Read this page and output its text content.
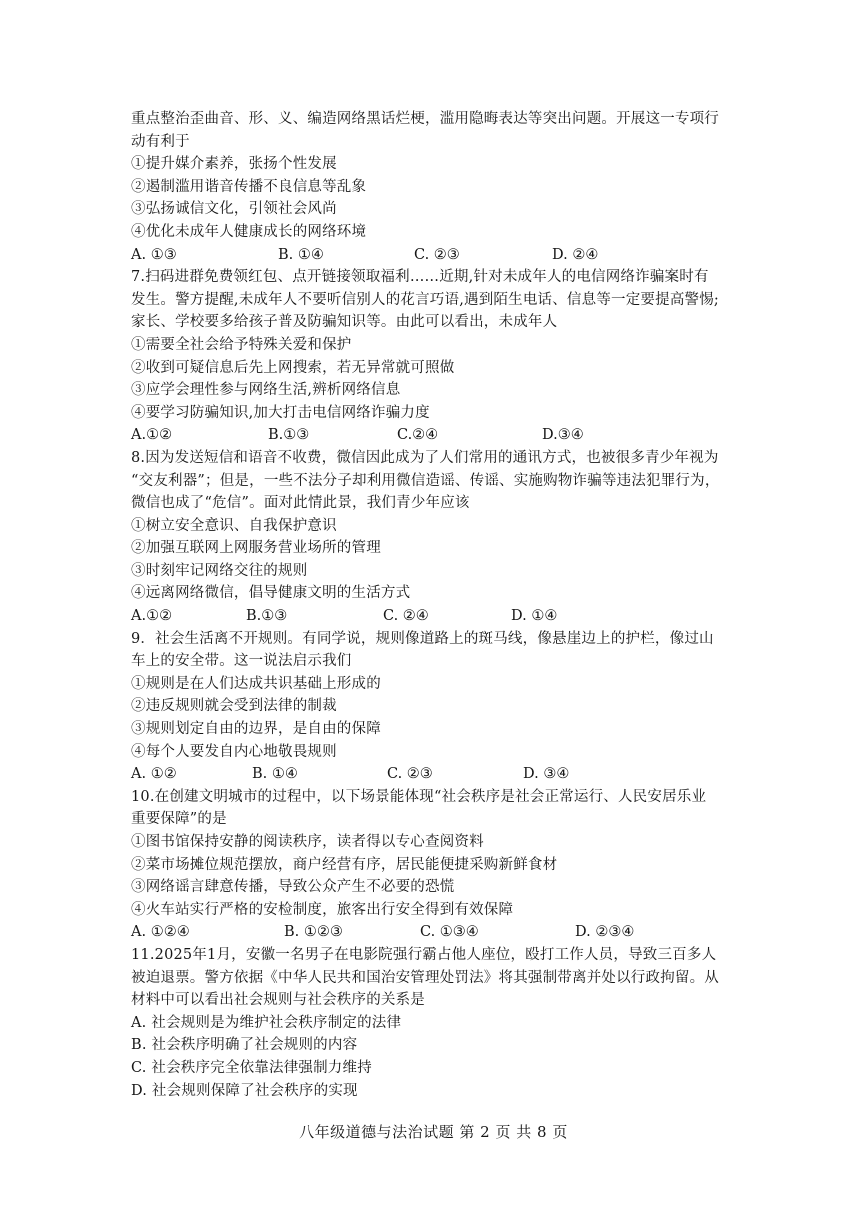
重点整治歪曲音、形、义、编造网络黑话烂梗，滥用隐晦表达等突出问题。开展这一专项行
动有利于
①提升媒介素养，张扬个性发展
②遏制滥用谐音传播不良信息等乱象
③弘扬诚信文化，引领社会风尚
④优化未成年人健康成长的网络环境
A. ①③	B. ①④	C. ②③	D. ②④
7.扫码进群免费领红包、点开链接领取福利……近期,针对未成年人的电信网络诈骗案时有
发生。警方提醒,未成年人不要听信别人的花言巧语,遇到陌生电话、信息等一定要提高警惕;
家长、学校要多给孩子普及防骗知识等。由此可以看出，未成年人
①需要全社会给予特殊关爱和保护
②收到可疑信息后先上网搜索，若无异常就可照做
③应学会理性参与网络生活,辨析网络信息
④要学习防骗知识,加大打击电信网络诈骗力度
A.①②	B.①③	C.②④	D.③④
8.因为发送短信和语音不收费，微信因此成为了人们常用的通讯方式，也被很多青少年视为
“交友利器”；但是，一些不法分子却利用微信造谣、传谣、实施购物诈骗等违法犯罪行为，
微信也成了“危信”。面对此情此景，我们青少年应该
①树立安全意识、自我保护意识
②加强互联网上网服务营业场所的管理
③时刻牢记网络交往的规则
④远离网络微信，倡导健康文明的生活方式
A.①②	B.①③	C. ②④	D. ①④
9．社会生活离不开规则。有同学说，规则像道路上的斑马线，像悬崖边上的护栏，像过山
车上的安全带。这一说法启示我们
①规则是在人们达成共识基础上形成的
②违反规则就会受到法律的制裁
③规则划定自由的边界，是自由的保障
④每个人要发自内心地敬畏规则
A. ①②	B. ①④	C. ②③	D. ③④
10.在创建文明城市的过程中，以下场景能体现“社会秩序是社会正常运行、人民安居乐业
重要保障”的是
①图书馆保持安静的阅读秩序，读者得以专心查阅资料
②菜市场摊位规范摆放，商户经营有序，居民能便捷采购新鲜食材
③网络谣言肆意传播，导致公众产生不必要的恐慌
④火车站实行严格的安检制度，旅客出行安全得到有效保障
A. ①②④	B. ①②③	C. ①③④	D. ②③④
11.2025年1月，安徽一名男子在电影院强行霸占他人座位，殴打工作人员，导致三百多人
被迫退票。警方依据《中华人民共和国治安管理处罚法》将其强制带离并处以行政拘留。从
材料中可以看出社会规则与社会秩序的关系是
A. 社会规则是为维护社会秩序制定的法律
B. 社会秩序明确了社会规则的内容
C. 社会秩序完全依靠法律强制力维持
D. 社会规则保障了社会秩序的实现
八年级道德与法治试题 第 2 页 共 8 页
